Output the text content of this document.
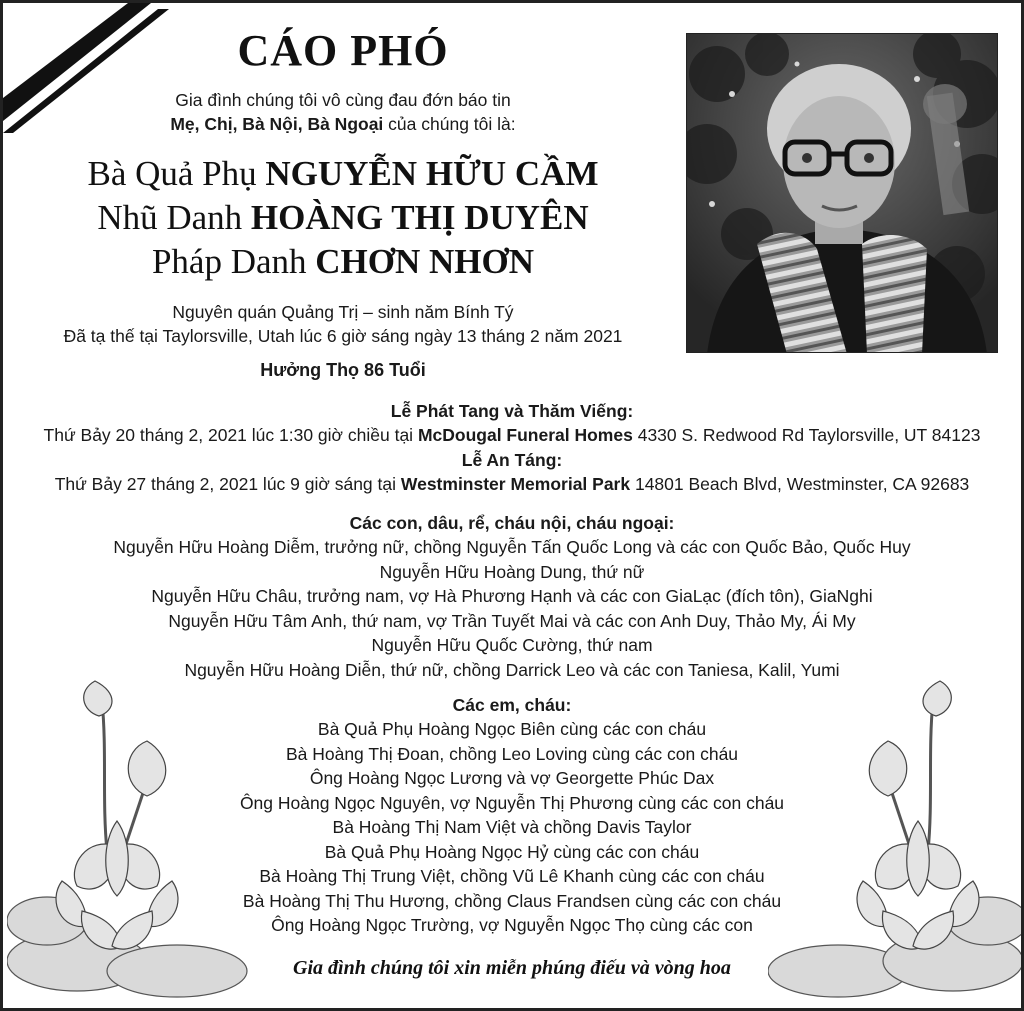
CÁO PHÓ
Gia đình chúng tôi vô cùng đau đớn báo tin
Mẹ, Chị, Bà Nội, Bà Ngoại của chúng tôi là:
Bà Quả Phụ NGUYỄN HỮU CẦM
Nhũ Danh HOÀNG THỊ DUYÊN
Pháp Danh CHƠN NHƠN
Nguyên quán Quảng Trị – sinh năm Bính Tý
Đã tạ thế tại Taylorsville, Utah lúc 6 giờ sáng ngày 13 tháng 2 năm 2021
Hưởng Thọ 86 Tuổi
Lễ Phát Tang và Thăm Viếng:
Thứ Bảy 20 tháng 2, 2021 lúc 1:30 giờ chiều tại McDougal Funeral Homes 4330 S. Redwood Rd Taylorsville, UT 84123
Lễ An Táng:
Thứ Bảy 27 tháng 2, 2021 lúc 9 giờ sáng tại Westminster Memorial Park 14801 Beach Blvd, Westminster, CA 92683
Các con, dâu, rể, cháu nội, cháu ngoại:
Nguyễn Hữu Hoàng Diễm, trưởng nữ, chồng Nguyễn Tấn Quốc Long và các con Quốc Bảo, Quốc Huy
Nguyễn Hữu Hoàng Dung, thứ nữ
Nguyễn Hữu Châu, trưởng nam, vợ Hà Phương Hạnh và các con GiaLạc (đích tôn), GiaNghi
Nguyễn Hữu Tâm Anh, thứ nam, vợ Trần Tuyết Mai và các con Anh Duy, Thảo My, Ái My
Nguyễn Hữu Quốc Cường, thứ nam
Nguyễn Hữu Hoàng Diễn, thứ nữ, chồng Darrick Leo và các con Taniesa, Kalil, Yumi
Các em, cháu:
Bà Quả Phụ Hoàng Ngọc Biên cùng các con cháu
Bà Hoàng Thị Đoan, chồng Leo Loving cùng các con cháu
Ông Hoàng Ngọc Lương và vợ Georgette Phúc Dax
Ông Hoàng Ngọc Nguyên, vợ Nguyễn Thị Phương cùng các con cháu
Bà Hoàng Thị Nam Việt và chồng Davis Taylor
Bà Quả Phụ Hoàng Ngọc Hỷ cùng các con cháu
Bà Hoàng Thị Trung Việt, chồng Vũ Lê Khanh cùng các con cháu
Bà Hoàng Thị Thu Hương, chồng Claus Frandsen cùng các con cháu
Ông Hoàng Ngọc Trường, vợ Nguyễn Ngọc Thọ cùng các con
Gia đình chúng tôi xin miễn phúng điếu và vòng hoa
